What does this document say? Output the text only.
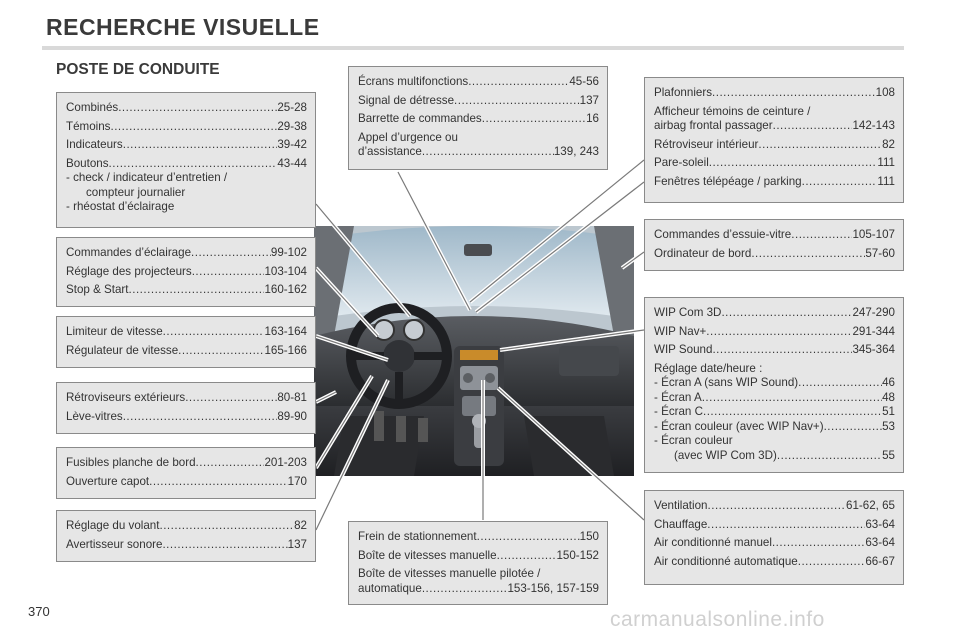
RECHERCHE VISUELLE
POSTE DE CONDUITE
Combinés .....	25-28
Témoins .....	29-38
Indicateurs .....	39-42
Boutons .....	43-44
- check / indicateur d’entretien /
compteur journalier
- rhéostat d’éclairage
Commandes d’éclairage .....	99-102
Réglage des projecteurs .....	103-104
Stop & Start .....	160-162
Limiteur de vitesse .....	163-164
Régulateur de vitesse .....	165-166
Rétroviseurs extérieurs .....	80-81
Lève-vitres .....	89-90
Fusibles planche de bord .....	201-203
Ouverture capot .....	170
Réglage du volant .....	82
Avertisseur sonore .....	137
Écrans multifonctions .....	45-56
Signal de détresse .....	137
Barrette de commandes .....	16
Appel d’urgence ou
d’assistance .....	139, 243
Frein de stationnement .....	150
Boîte de vitesses manuelle .....	150-152
Boîte de vitesses manuelle pilotée /
automatique .....	153-156, 157-159
Plafonniers .....	108
Afficheur témoins de ceinture /
airbag frontal passager .....	142-143
Rétroviseur intérieur .....	82
Pare-soleil .....	111
Fenêtres télépéage / parking .....	111
Commandes d’essuie-vitre .....	105-107
Ordinateur de bord .....	57-60
WIP Com 3D .....	247-290
WIP Nav+ .....	291-344
WIP Sound .....	345-364
Réglage date/heure :
- Écran A (sans WIP Sound) .....	46
- Écran A .....	48
- Écran C .....	51
- Écran couleur (avec WIP Nav+) .....	53
- Écran couleur
(avec WIP Com 3D) .....	55
Ventilation .....	61-62, 65
Chauffage .....	63-64
Air conditionné manuel .....	63-64
Air conditionné automatique .....	66-67
370	carmanualsonline.info
